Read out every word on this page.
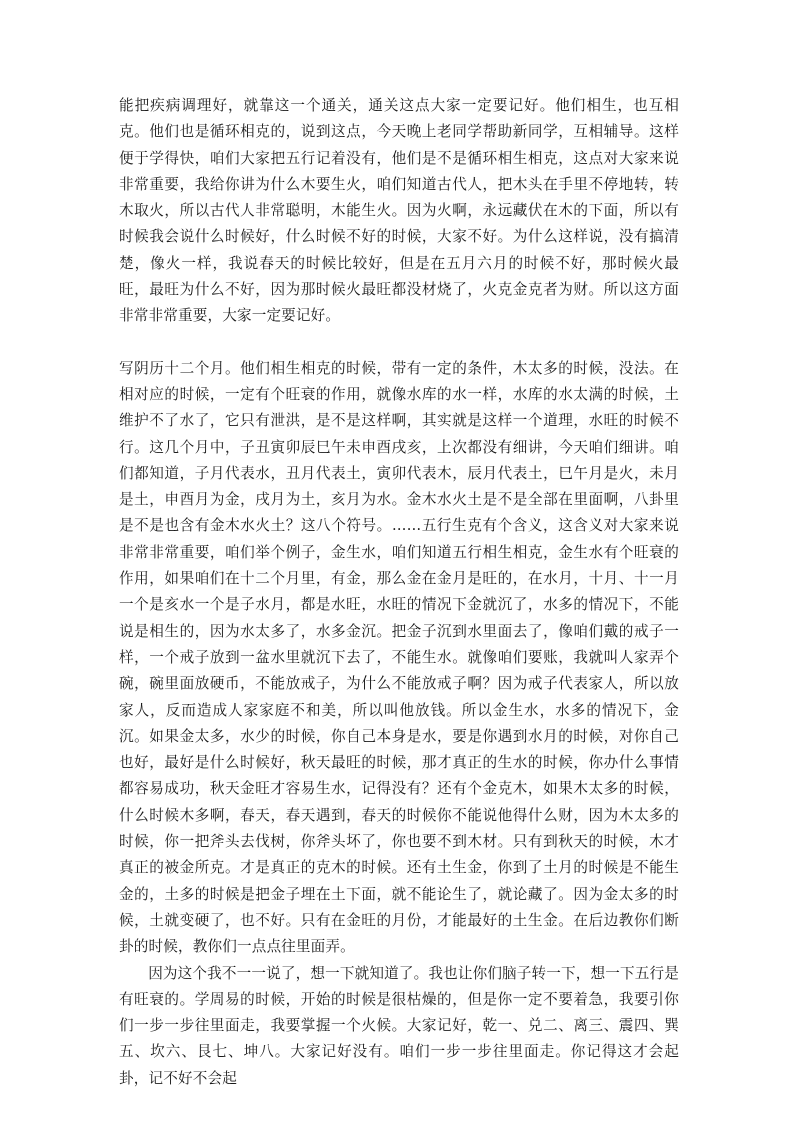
能把疾病调理好，就靠这一个通关，通关这点大家一定要记好。他们相生，也互相克。他们也是循环相克的，说到这点，今天晚上老同学帮助新同学，互相辅导。这样便于学得快，咱们大家把五行记着没有，他们是不是循环相生相克，这点对大家来说非常重要，我给你讲为什么木要生火，咱们知道古代人，把木头在手里不停地转，转木取火，所以古代人非常聪明，木能生火。因为火啊，永远藏伏在木的下面，所以有时候我会说什么时候好，什么时候不好的时候，大家不好。为什么这样说，没有搞清楚，像火一样，我说春天的时候比较好，但是在五月六月的时候不好，那时候火最旺，最旺为什么不好，因为那时候火最旺都没材烧了，火克金克者为财。所以这方面非常非常重要，大家一定要记好。

写阴历十二个月。他们相生相克的时候，带有一定的条件，木太多的时候，没法。在相对应的时候，一定有个旺衰的作用，就像水库的水一样，水库的水太满的时候，土维护不了水了，它只有泄洪，是不是这样啊，其实就是这样一个道理，水旺的时候不行。这几个月中，子丑寅卯辰巳午未申酉戌亥，上次都没有细讲，今天咱们细讲。咱们都知道，子月代表水，丑月代表土，寅卯代表木，辰月代表土，巳午月是火，未月是土，申酉月为金，戌月为土，亥月为水。金木水火土是不是全部在里面啊，八卦里是不是也含有金木水火土？这八个符号。……五行生克有个含义，这含义对大家来说非常非常重要，咱们举个例子，金生水，咱们知道五行相生相克，金生水有个旺衰的作用，如果咱们在十二个月里，有金，那么金在金月是旺的，在水月，十月、十一月一个是亥水一个是子水月，都是水旺，水旺的情况下金就沉了，水多的情况下，不能说是相生的，因为水太多了，水多金沉。把金子沉到水里面去了，像咱们戴的戒子一样，一个戒子放到一盆水里就沉下去了，不能生水。就像咱们要账，我就叫人家弄个碗，碗里面放硬币，不能放戒子，为什么不能放戒子啊？因为戒子代表家人，所以放家人，反而造成人家家庭不和美，所以叫他放钱。所以金生水，水多的情况下，金沉。如果金太多，水少的时候，你自己本身是水，要是你遇到水月的时候，对你自己也好，最好是什么时候好，秋天最旺的时候，那才真正的生水的时候，你办什么事情都容易成功，秋天金旺才容易生水，记得没有？还有个金克木，如果木太多的时候，什么时候木多啊，春天，春天遇到，春天的时候你不能说他得什么财，因为木太多的时候，你一把斧头去伐树，你斧头坏了，你也要不到木材。只有到秋天的时候，木才真正的被金所克。才是真正的克木的时候。还有土生金，你到了土月的时候是不能生金的，土多的时候是把金子埋在土下面，就不能论生了，就论藏了。因为金太多的时候，土就变硬了，也不好。只有在金旺的月份，才能最好的土生金。在后边教你们断卦的时候，教你们一点点往里面弄。

因为这个我不一一说了，想一下就知道了。我也让你们脑子转一下，想一下五行是有旺衰的。学周易的时候，开始的时候是很枯燥的，但是你一定不要着急，我要引你们一步一步往里面走，我要掌握一个火候。大家记好，乾一、兑二、离三、震四、巽五、坎六、艮七、坤八。大家记好没有。咱们一步一步往里面走。你记得这才会起卦，记不好不会起
